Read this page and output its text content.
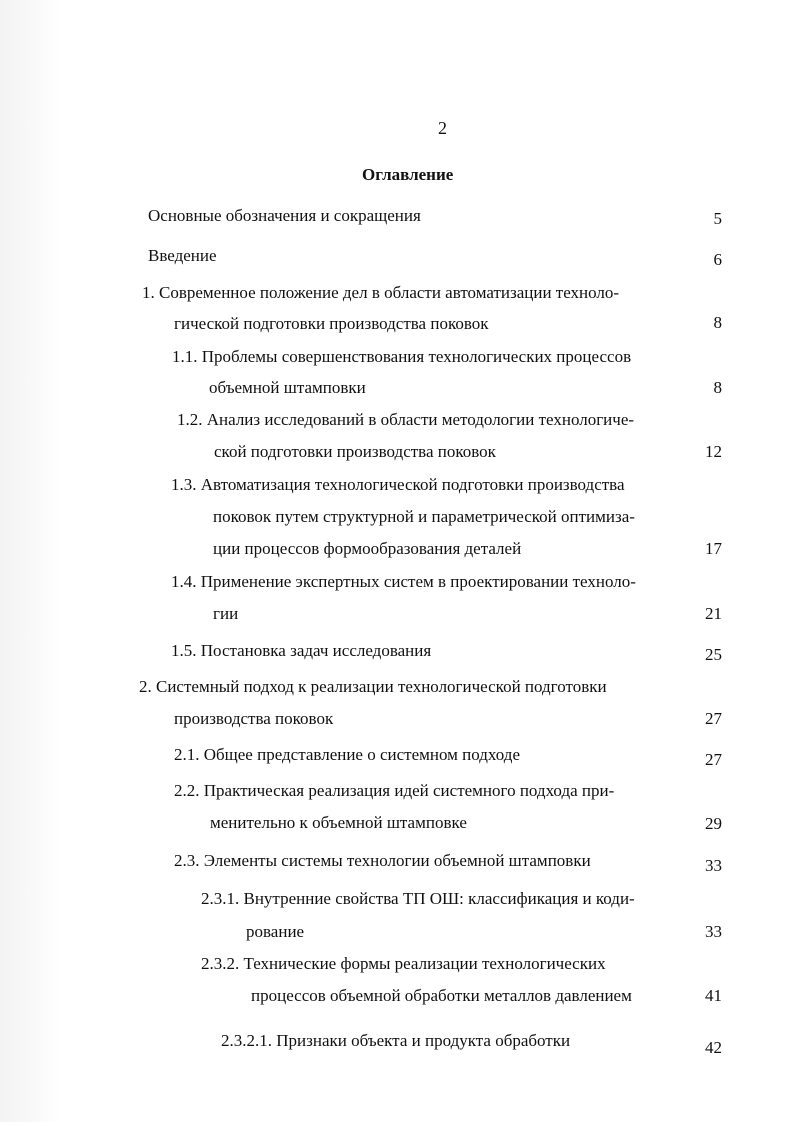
2
Оглавление
Основные обозначения и сокращения	5
Введение	6
1. Современное положение дел в области автоматизации техноло-
гической подготовки производства поковок	8
1.1. Проблемы совершенствования технологических процессов
объемной штамповки	8
1.2. Анализ исследований в области методологии технологиче-
ской подготовки производства поковок	12
1.3. Автоматизация технологической подготовки производства
поковок путем структурной и параметрической оптимиза-
ции процессов формообразования деталей	17
1.4. Применение экспертных систем в проектировании техноло-
гии	21
1.5. Постановка задач исследования	25
2. Системный подход к реализации технологической подготовки
производства поковок	27
2.1. Общее представление о системном подходе	27
2.2. Практическая реализация идей системного подхода при-
менительно к объемной штамповке	29
2.3. Элементы системы технологии объемной штамповки	33
2.3.1. Внутренние свойства ТП ОШ: классификация и коди-
рование	33
2.3.2. Технические формы реализации технологических
процессов объемной обработки металлов давлением	41
2.3.2.1. Признаки объекта и продукта обработки	42
